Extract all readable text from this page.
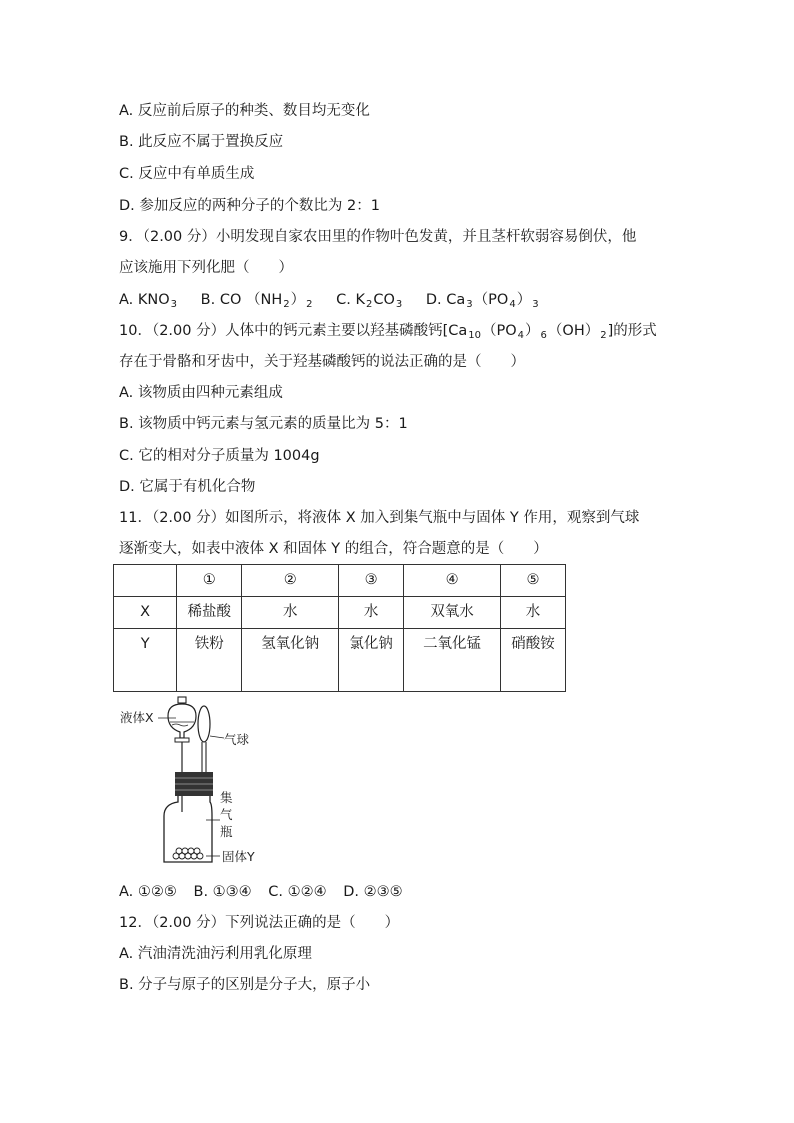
A. 反应前后原子的种类、数目均无变化
B. 此反应不属于置换反应
C. 反应中有单质生成
D. 参加反应的两种分子的个数比为 2：1
9．（2.00 分）小明发现自家农田里的作物叶色发黄，并且茎杆软弱容易倒伏，他
应该施用下列化肥（　　）
A. $KNO_3$ B. CO $(NH_2)_2$ C. $K_2CO_3$ D. $Ca_3(PO_4)_3$
10．（2.00 分）人体中的钙元素主要以羟基磷酸钙$[Ca_{10}(PO_4)_6(OH)_2]$的形式
存在于骨骼和牙齿中，关于羟基磷酸钙的说法正确的是（　　）
A. 该物质由四种元素组成
B. 该物质中钙元素与氢元素的质量比为 5：1
C. 它的相对分子质量为 1004g
D. 它属于有机化合物
11．（2.00 分）如图所示，将液体 X 加入到集气瓶中与固体 Y 作用，观察到气球
逐渐变大，如表中液体 X 和固体 Y 的组合，符合题意的是（　　）
	①	②	③	④	⑤
X	稀盐酸	水	水	双氧水	水
Y	铁粉	氢氧化钠	氯化钠	二氧化锰	硝酸铵
液体X
气球
集
气
瓶
固体Y
A. ①②⑤ B. ①③④ C. ①②④ D. ②③⑤
12．（2.00 分）下列说法正确的是（　　）
A. 汽油清洗油污利用乳化原理
B. 分子与原子的区别是分子大，原子小
